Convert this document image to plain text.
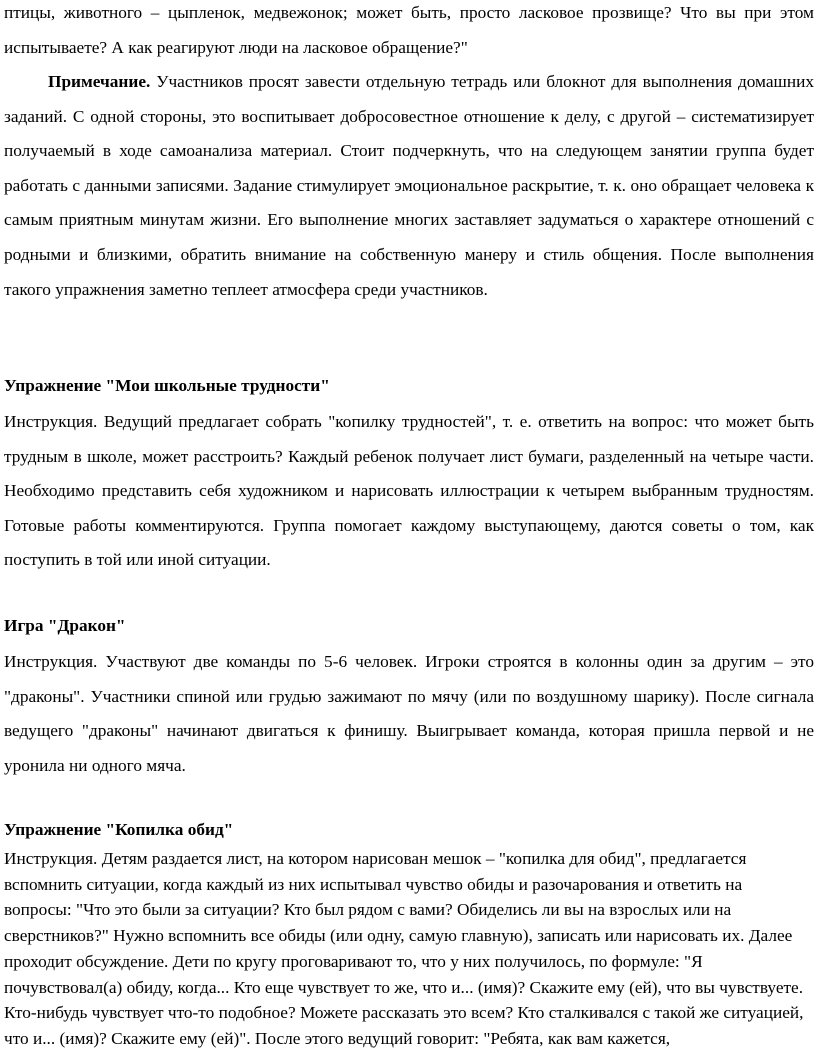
птицы, животного – цыпленок, медвежонок; может быть, просто ласковое прозвище? Что вы при этом испытываете? А как реагируют люди на ласковое обращение?"

Примечание. Участников просят завести отдельную тетрадь или блокнот для выполнения домашних заданий. С одной стороны, это воспитывает добросовестное отношение к делу, с другой – систематизирует получаемый в ходе самоанализа материал. Стоит подчеркнуть, что на следующем занятии группа будет работать с данными записями. Задание стимулирует эмоциональное раскрытие, т. к. оно обращает человека к самым приятным минутам жизни. Его выполнение многих заставляет задуматься о характере отношений с родными и близкими, обратить внимание на собственную манеру и стиль общения. После выполнения такого упражнения заметно теплеет атмосфера среди участников.

Упражнение "Мои школьные трудности"

Инструкция. Ведущий предлагает собрать "копилку трудностей", т. е. ответить на вопрос: что может быть трудным в школе, может расстроить? Каждый ребенок получает лист бумаги, разделенный на четыре части. Необходимо представить себя художником и нарисовать иллюстрации к четырем выбранным трудностям. Готовые работы комментируются. Группа помогает каждому выступающему, даются советы о том, как поступить в той или иной ситуации.

Игра "Дракон"

Инструкция. Участвуют две команды по 5-6 человек. Игроки строятся в колонны один за другим – это "драконы". Участники спиной или грудью зажимают по мячу (или по воздушному шарику). После сигнала ведущего "драконы" начинают двигаться к финишу. Выигрывает команда, которая пришла первой и не уронила ни одного мяча.

Упражнение "Копилка обид"

Инструкция. Детям раздается лист, на котором нарисован мешок – "копилка для обид", предлагается вспомнить ситуации, когда каждый из них испытывал чувство обиды и разочарования и ответить на вопросы: "Что это были за ситуации? Кто был рядом с вами? Обиделись ли вы на взрослых или на сверстников?" Нужно вспомнить все обиды (или одну, самую главную), записать или нарисовать их. Далее проходит обсуждение. Дети по кругу проговаривают то, что у них получилось, по формуле: "Я почувствовал(а) обиду, когда... Кто еще чувствует то же, что и... (имя)? Скажите ему (ей), что вы чувствуете. Кто-нибудь чувствует что-то подобное? Можете рассказать это всем? Кто сталкивался с такой же ситуацией, что и... (имя)? Скажите ему (ей)". После этого ведущий говорит: "Ребята, как вам кажется,
